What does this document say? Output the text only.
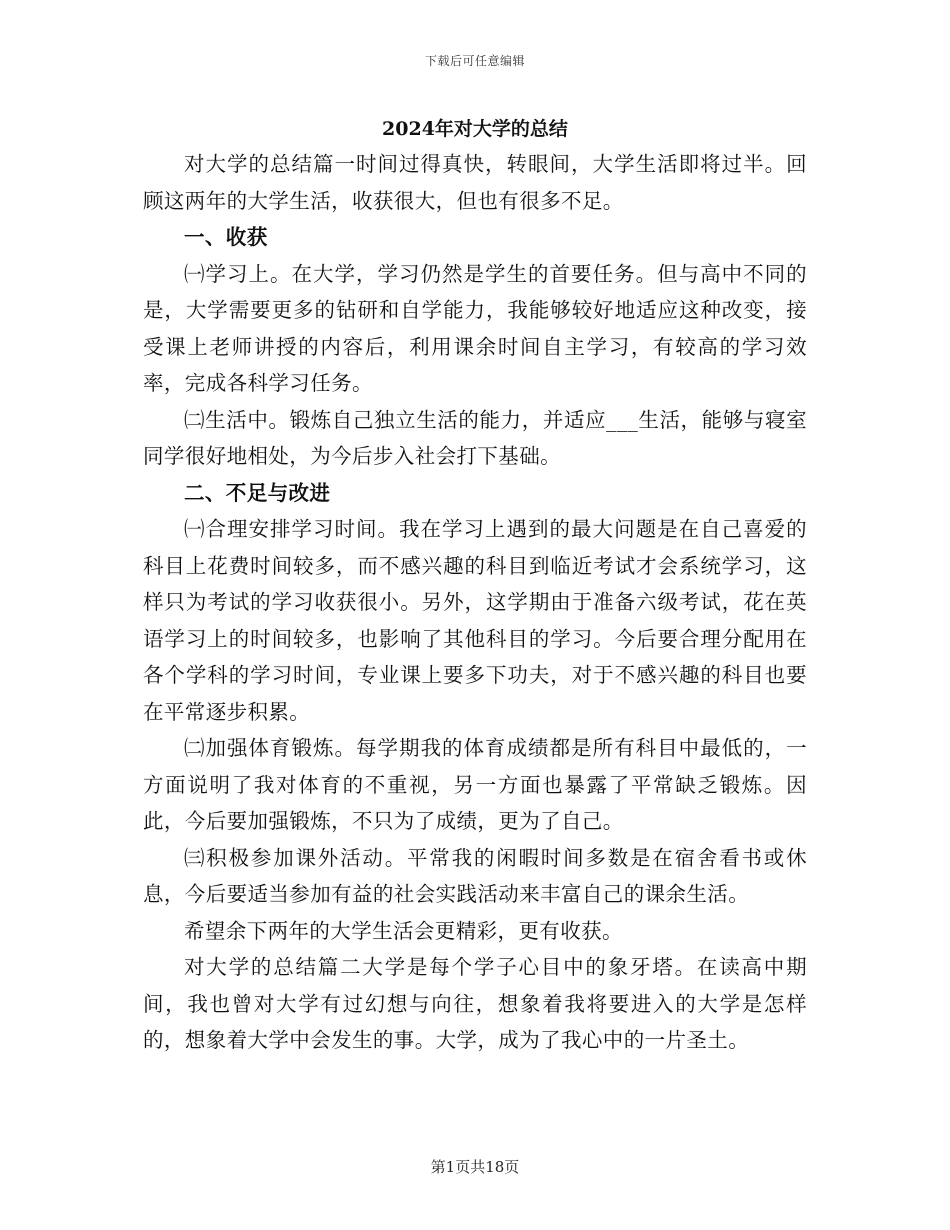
下载后可任意编辑
2024年对大学的总结

对大学的总结篇一时间过得真快，转眼间，大学生活即将过半。回顾这两年的大学生活，收获很大，但也有很多不足。

一、收获

㈠学习上。在大学，学习仍然是学生的首要任务。但与高中不同的是，大学需要更多的钻研和自学能力，我能够较好地适应这种改变，接受课上老师讲授的内容后，利用课余时间自主学习，有较高的学习效率，完成各科学习任务。

㈡生活中。锻炼自己独立生活的能力，并适应___生活，能够与寝室同学很好地相处，为今后步入社会打下基础。

二、不足与改进

㈠合理安排学习时间。我在学习上遇到的最大问题是在自己喜爱的科目上花费时间较多，而不感兴趣的科目到临近考试才会系统学习，这样只为考试的学习收获很小。另外，这学期由于准备六级考试，花在英语学习上的时间较多，也影响了其他科目的学习。今后要合理分配用在各个学科的学习时间，专业课上要多下功夫，对于不感兴趣的科目也要在平常逐步积累。

㈡加强体育锻炼。每学期我的体育成绩都是所有科目中最低的，一方面说明了我对体育的不重视，另一方面也暴露了平常缺乏锻炼。因此，今后要加强锻炼，不只为了成绩，更为了自己。

㈢积极参加课外活动。平常我的闲暇时间多数是在宿舍看书或休息，今后要适当参加有益的社会实践活动来丰富自己的课余生活。

希望余下两年的大学生活会更精彩，更有收获。

对大学的总结篇二大学是每个学子心目中的象牙塔。在读高中期间，我也曾对大学有过幻想与向往，想象着我将要进入的大学是怎样的，想象着大学中会发生的事。大学，成为了我心中的一片圣土。

第1页共18页
